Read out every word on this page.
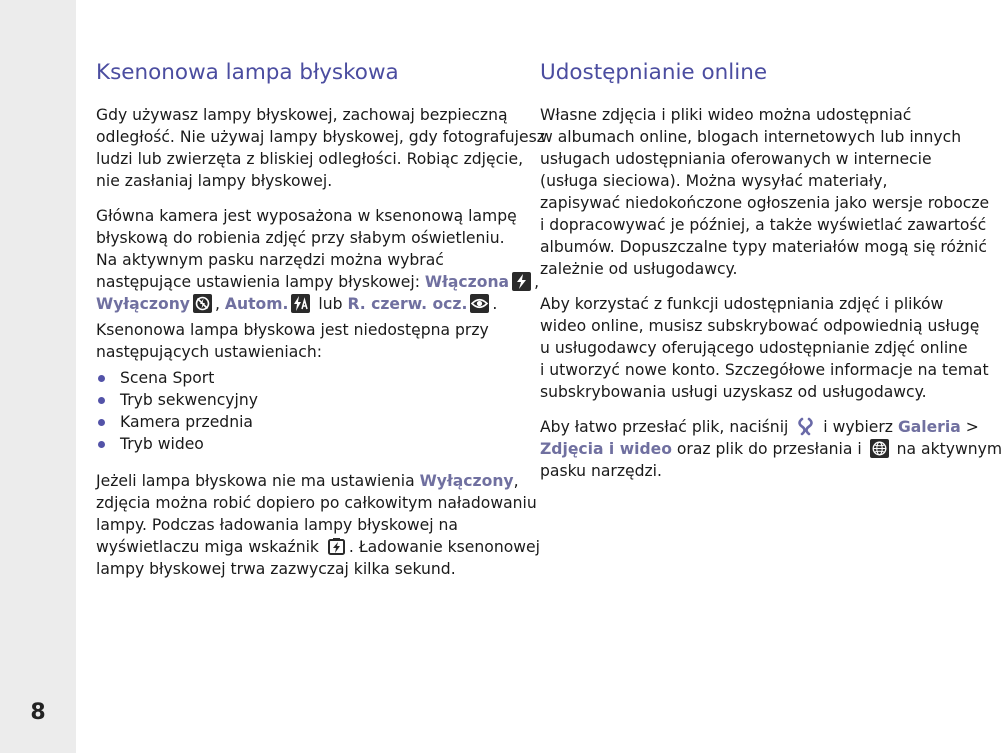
8
Ksenonowa lampa błyskowa

Gdy używasz lampy błyskowej, zachowaj bezpieczną
odległość. Nie używaj lampy błyskowej, gdy fotografujesz
ludzi lub zwierzęta z bliskiej odległości. Robiąc zdjęcie,
nie zasłaniaj lampy błyskowej.

Główna kamera jest wyposażona w ksenonową lampę
błyskową do robienia zdjęć przy słabym oświetleniu.
Na aktywnym pasku narzędzi można wybrać
następujące ustawienia lampy błyskowej: Włączona ,
Wyłączony , Autom.
lub R. czerw. ocz. .

Ksenonowa lampa błyskowa jest niedostępna przy
następujących ustawieniach:

Scena Sport
Tryb sekwencyjny
Kamera przednia
Tryb wideo

Jeżeli lampa błyskowa nie ma ustawienia Wyłączony,
zdjęcia można robić dopiero po całkowitym naładowaniu
lampy. Podczas ładowania lampy błyskowej na
wyświetlaczu miga wskaźnik
. Ładowanie ksenonowej
lampy błyskowej trwa zazwyczaj kilka sekund.

Udostępnianie online

Własne zdjęcia i pliki wideo można udostępniać
w albumach online, blogach internetowych lub innych
usługach udostępniania oferowanych w internecie
(usługa sieciowa). Można wysyłać materiały,
zapisywać niedokończone ogłoszenia jako wersje robocze
i dopracowywać je później, a także wyświetlać zawartość
albumów. Dopuszczalne typy materiałów mogą się różnić
zależnie od usługodawcy.

Aby korzystać z funkcji udostępniania zdjęć i plików
wideo online, musisz subskrybować odpowiednią usługę
u usługodawcy oferującego udostępnianie zdjęć online
i utworzyć nowe konto. Szczegółowe informacje na temat
subskrybowania usługi uzyskasz od usługodawcy.

Aby łatwo przesłać plik, naciśnij
i wybierz Galeria >
Zdjęcia i wideo oraz plik do przesłania i
na aktywnym
pasku narzędzi.
